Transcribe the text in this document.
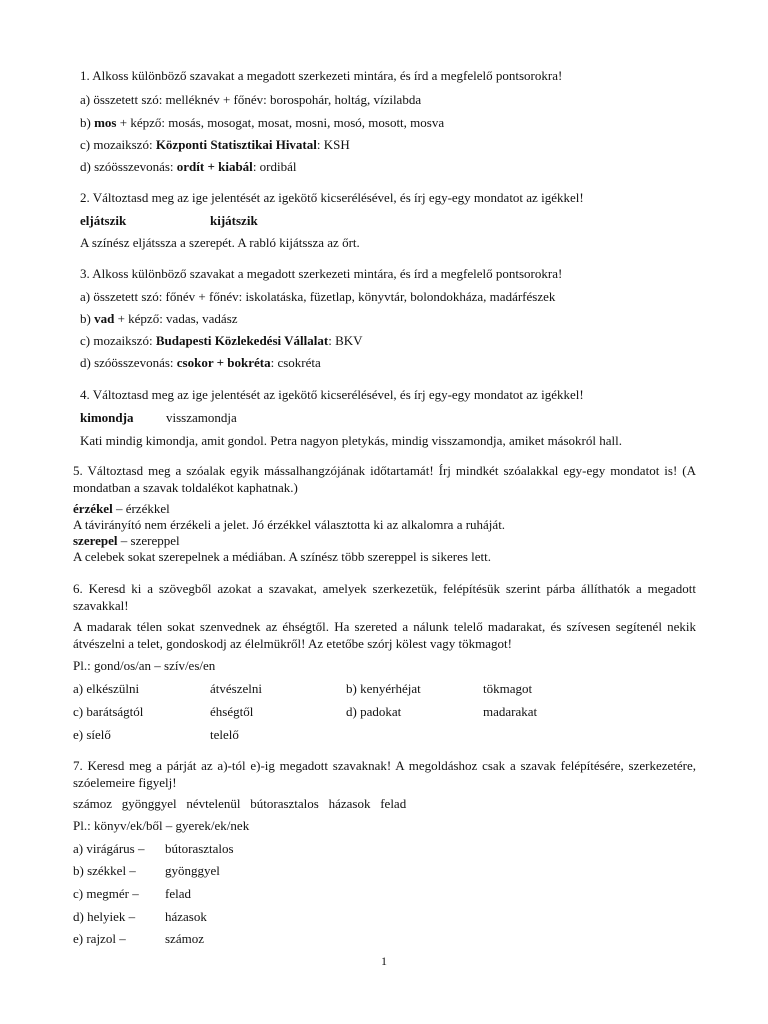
1. Alkoss különböző szavakat a megadott szerkezeti mintára, és írd a megfelelő pontsorokra!
a) összetett szó: melléknév + főnév: borospohár, holtág, vízilabda
b) mos + képző: mosás, mosogat, mosat, mosni, mosó, mosott, mosva
c) mozaikszó: Központi Statisztikai Hivatal: KSH
d) szóösszevonás: ordít + kiabál: ordibál
2. Változtasd meg az ige jelentését az igekötő kicserélésével, és írj egy-egy mondatot az igékkel!
eljátszik	kijátszik
A színész eljátssza a szerepét. A rabló kijátssza az őrt.
3. Alkoss különböző szavakat a megadott szerkezeti mintára, és írd a megfelelő pontsorokra!
a) összetett szó: főnév + főnév: iskolatáska, füzetlap, könyvtár, bolondokháza, madárfészek
b) vad + képző: vadas, vadász
c) mozaikszó: Budapesti Közlekedési Vállalat: BKV
d) szóösszevonás: csokor + bokréta: csokréta
4. Változtasd meg az ige jelentését az igekötő kicserélésével, és írj egy-egy mondatot az igékkel!
kimondja	visszamondja
Kati mindig kimondja, amit gondol. Petra nagyon pletykás, mindig visszamondja, amiket másokról hall.
5. Változtasd meg a szóalak egyik mássalhangzójának időtartamát! Írj mindkét szóalakkal egy-egy mondatot is! (A mondatban a szavak toldalékot kaphatnak.)
érzékel – érzékkel
A távirányító nem érzékeli a jelet. Jó érzékkel választotta ki az alkalomra a ruháját.
szerepel – szereppel
A celebek sokat szerepelnek a médiában. A színész több szereppel is sikeres lett.
6. Keresd ki a szövegből azokat a szavakat, amelyek szerkezetük, felépítésük szerint párba állíthatók a megadott szavakkal!
A madarak télen sokat szenvednek az éhségtől. Ha szereted a nálunk telelő madarakat, és szívesen segítenél nekik átvészelni a telet, gondoskodj az élelmükről! Az etetőbe szórj kölest vagy tökmagot!
Pl.: gond/os/an – szív/es/en
a) elkészülni	átvészelni	b) kenyérhéjat	tökmagot
c) barátságtól	éhségtől	d) padokat	madarakat
e) síelő	telelő
7. Keresd meg a párját az a)-tól e)-ig megadott szavaknak! A megoldáshoz csak a szavak felépítésére, szerkezetére, szóelemeire figyelj!
számoz   gyönggyel   névtelenül   bútorasztalos   házasok   felad
Pl.: könyv/ek/ből – gyerek/ek/nek
a) virágárus – bútorasztalos
b) székkel – gyönggyel
c) megmér – felad
d) helyiek – házasok
e) rajzol –	számoz
1
